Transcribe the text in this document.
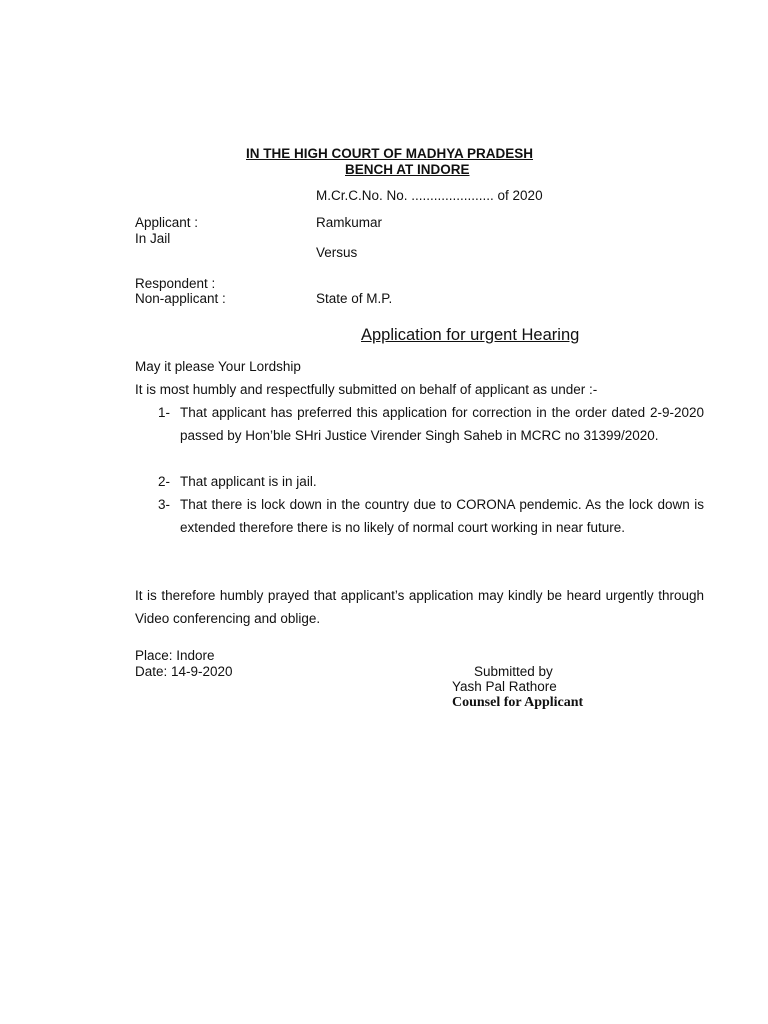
IN THE HIGH COURT OF MADHYA PRADESH
BENCH AT INDORE
M.Cr.C.No. No. ...................... of 2020
Applicant :
In Jail
Ramkumar
Versus
Respondent :
Non-applicant :	State of M.P.
Application for urgent Hearing
May it please Your Lordship
It is most humbly and respectfully submitted on behalf of applicant as under :-
1- That applicant has preferred this application for correction in the order dated 2-9-2020 passed by Hon’ble SHri Justice Virender Singh Saheb in MCRC no 31399/2020.
2- That applicant is in jail.
3- That there is lock down in the country due to CORONA pendemic. As the lock down is extended therefore there is no likely of normal court working in near future.
It is therefore humbly prayed that applicant’s application may kindly be heard urgently through Video conferencing and oblige.
Place: Indore
Date: 14-9-2020	Submitted by
Yash Pal Rathore
Counsel for Applicant
